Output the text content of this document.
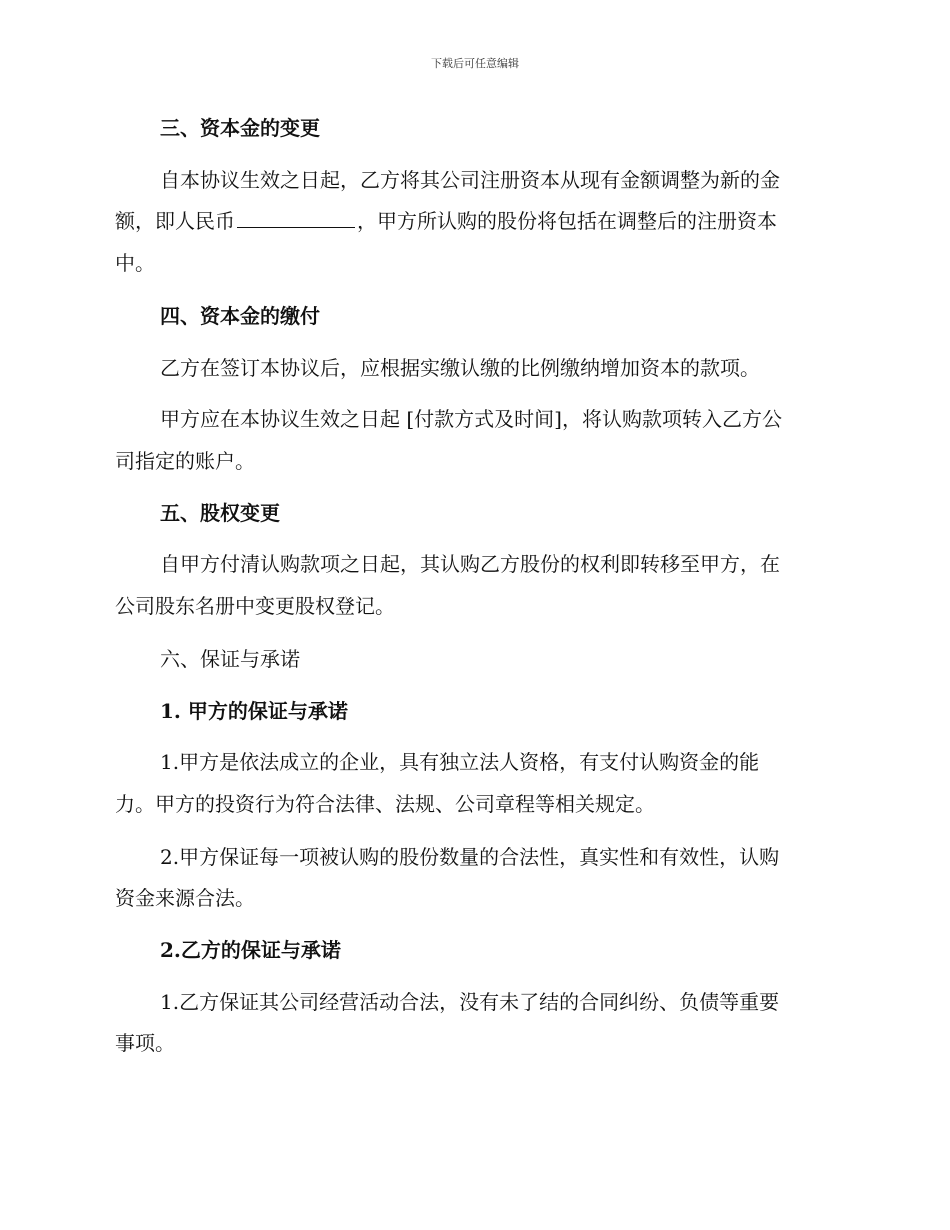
下载后可任意编辑
三、资本金的变更
自本协议生效之日起，乙方将其公司注册资本从现有金额调整为新的金
额，即人民币	，甲方所认购的股份将包括在调整后的注册资本
中。
四、资本金的缴付
乙方在签订本协议后，应根据实缴认缴的比例缴纳增加资本的款项。
甲方应在本协议生效之日起 [付款方式及时间]，将认购款项转入乙方公
司指定的账户。
五、股权变更
自甲方付清认购款项之日起，其认购乙方股份的权利即转移至甲方，在
公司股东名册中变更股权登记。
六、保证与承诺
1. 甲方的保证与承诺
1.甲方是依法成立的企业，具有独立法人资格，有支付认购资金的能
力。甲方的投资行为符合法律、法规、公司章程等相关规定。
2.甲方保证每一项被认购的股份数量的合法性，真实性和有效性，认购
资金来源合法。
2.乙方的保证与承诺
1.乙方保证其公司经营活动合法，没有未了结的合同纠纷、负债等重要
事项。
